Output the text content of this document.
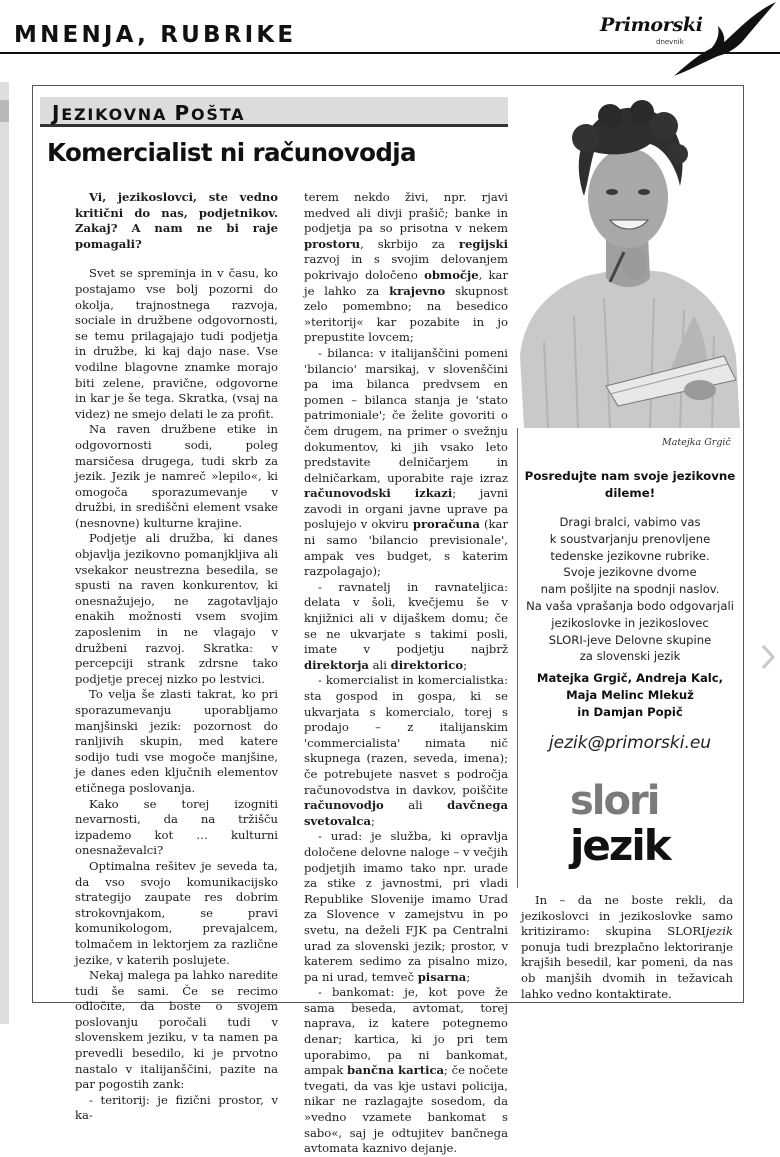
MNENJA, RUBRIKE	Primorski
dnevnik
JEZIKOVNA POŠTA
Komercialist ni računovodja

Vi, jezikoslovci, ste vedno kritični do nas, podjetnikov. Zakaj? A nam ne bi raje pomagali?

Svet se spreminja in v času, ko postajamo vse bolj pozorni do okolja, trajnostnega razvoja, sociale in družbene odgovornosti, se temu prilagajajo tudi podjetja in družbe, ki kaj dajo nase. Vse vodilne blagovne znamke morajo biti zelene, pravične, odgovorne in kar je še tega. Skratka, (vsaj na videz) ne smejo delati le za profit.

Na raven družbene etike in odgovornosti sodi, poleg marsičesa drugega, tudi skrb za jezik. Jezik je namreč »lepilo«, ki omogoča sporazumevanje v družbi, in središčni element vsake (nesnovne) kulturne krajine.

Podjetje ali družba, ki danes objavlja jezikovno pomanjkljiva ali vsekakor neustrezna besedila, se spusti na raven konkurentov, ki onesnažujejo, ne zagotavljajo enakih možnosti vsem svojim zaposlenim in ne vlagajo v družbeni razvoj. Skratka: v percepciji strank zdrsne tako podjetje precej nizko po lestvici.

To velja še zlasti takrat, ko pri sporazumevanju uporabljamo manjšinski jezik: pozornost do ranljivih skupin, med katere sodijo tudi vse mogoče manjšine, je danes eden ključnih elementov etičnega poslovanja.

Kako se torej izogniti nevarnosti, da na tržišču izpademo kot … kulturni onesnaževalci?

Optimalna rešitev je seveda ta, da vso svojo komunikacijsko strategijo zaupate res dobrim strokovnjakom, se pravi komunikologom, prevajalcem, tolmačem in lektorjem za različne jezike, v katerih poslujete.

Nekaj malega pa lahko naredite tudi še sami. Če se recimo odločite, da boste o svojem poslovanju poročali tudi v slovenskem jeziku, v ta namen pa prevedli besedilo, ki je prvotno nastalo v italijanščini, pazite na par pogostih zank:

- teritorij: je fizični prostor, v ka-

terem nekdo živi, npr. rjavi medved ali divji prašič; banke in podjetja pa so prisotna v nekem prostoru, skrbijo za regijski razvoj in s svojim delovanjem pokrivajo določeno območje, kar je lahko za krajevno skupnost zelo pomembno; na besedico »teritorij« kar pozabite in jo prepustite lovcem;

- bilanca: v italijanščini pomeni 'bilancio' marsikaj, v slovenščini pa ima bilanca predvsem en pomen – bilanca stanja je 'stato patrimoniale'; če želite govoriti o čem drugem, na primer o svežnju dokumentov, ki jih vsako leto predstavite delničarjem in delničarkam, uporabite raje izraz računovodski izkazi; javni zavodi in organi javne uprave pa poslujejo v okviru proračuna (kar ni samo 'bilancio previsionale', ampak ves budget, s katerim razpolagajo);

- ravnatelj in ravnateljica: delata v šoli, kvečjemu še v knjižnici ali v dijaškem domu; če se ne ukvarjate s takimi posli, imate v podjetju najbrž direktorja ali direktorico;

- komercialist in komercialistka: sta gospod in gospa, ki se ukvarjata s komercialo, torej s prodajo – z italijanskim 'commercialista' nimata nič skupnega (razen, seveda, imena); če potrebujete nasvet s področja računovodstva in davkov, poiščite računovodjo ali davčnega svetovalca;

- urad: je služba, ki opravlja določene delovne naloge – v večjih podjetjih imamo tako npr. urade za stike z javnostmi, pri vladi Republike Slovenije imamo Urad za Slovence v zamejstvu in po svetu, na deželi FJK pa Centralni urad za slovenski jezik; prostor, v katerem sedimo za pisalno mizo, pa ni urad, temveč pisarna;

- bankomat: je, kot pove že sama beseda, avtomat, torej naprava, iz katere potegnemo denar; kartica, ki jo pri tem uporabimo, pa ni bankomat, ampak bančna kartica; če nočete tvegati, da vas kje ustavi policija, nikar ne razlagajte sosedom, da »vedno vzamete bankomat s sabo«, saj je odtujitev bančnega avtomata kaznivo dejanje.

Matejka Grgič
Posredujte nam svoje jezikovne dileme!
Dragi bralci, vabimo vas
k soustvarjanju prenovljene
tedenske jezikovne rubrike.
Svoje jezikovne dvome
nam pošljite na spodnji naslov.
Na vaša vprašanja bodo odgovarjali
jezikoslovke in jezikoslovec
SLORI-jeve Delovne skupine
za slovenski jezik
Matejka Grgič, Andreja Kalc,
Maja Melinc Mlekuž
in Damjan Popič
jezik@primorski.eu
slori
jezik

In – da ne boste rekli, da jezikoslovci in jezikoslovke samo kritiziramo: skupina SLORIjezik ponuja tudi brezplačno lektoriranje krajših besedil, kar pomeni, da nas ob manjših dvomih in težavicah lahko vedno kontaktirate.
